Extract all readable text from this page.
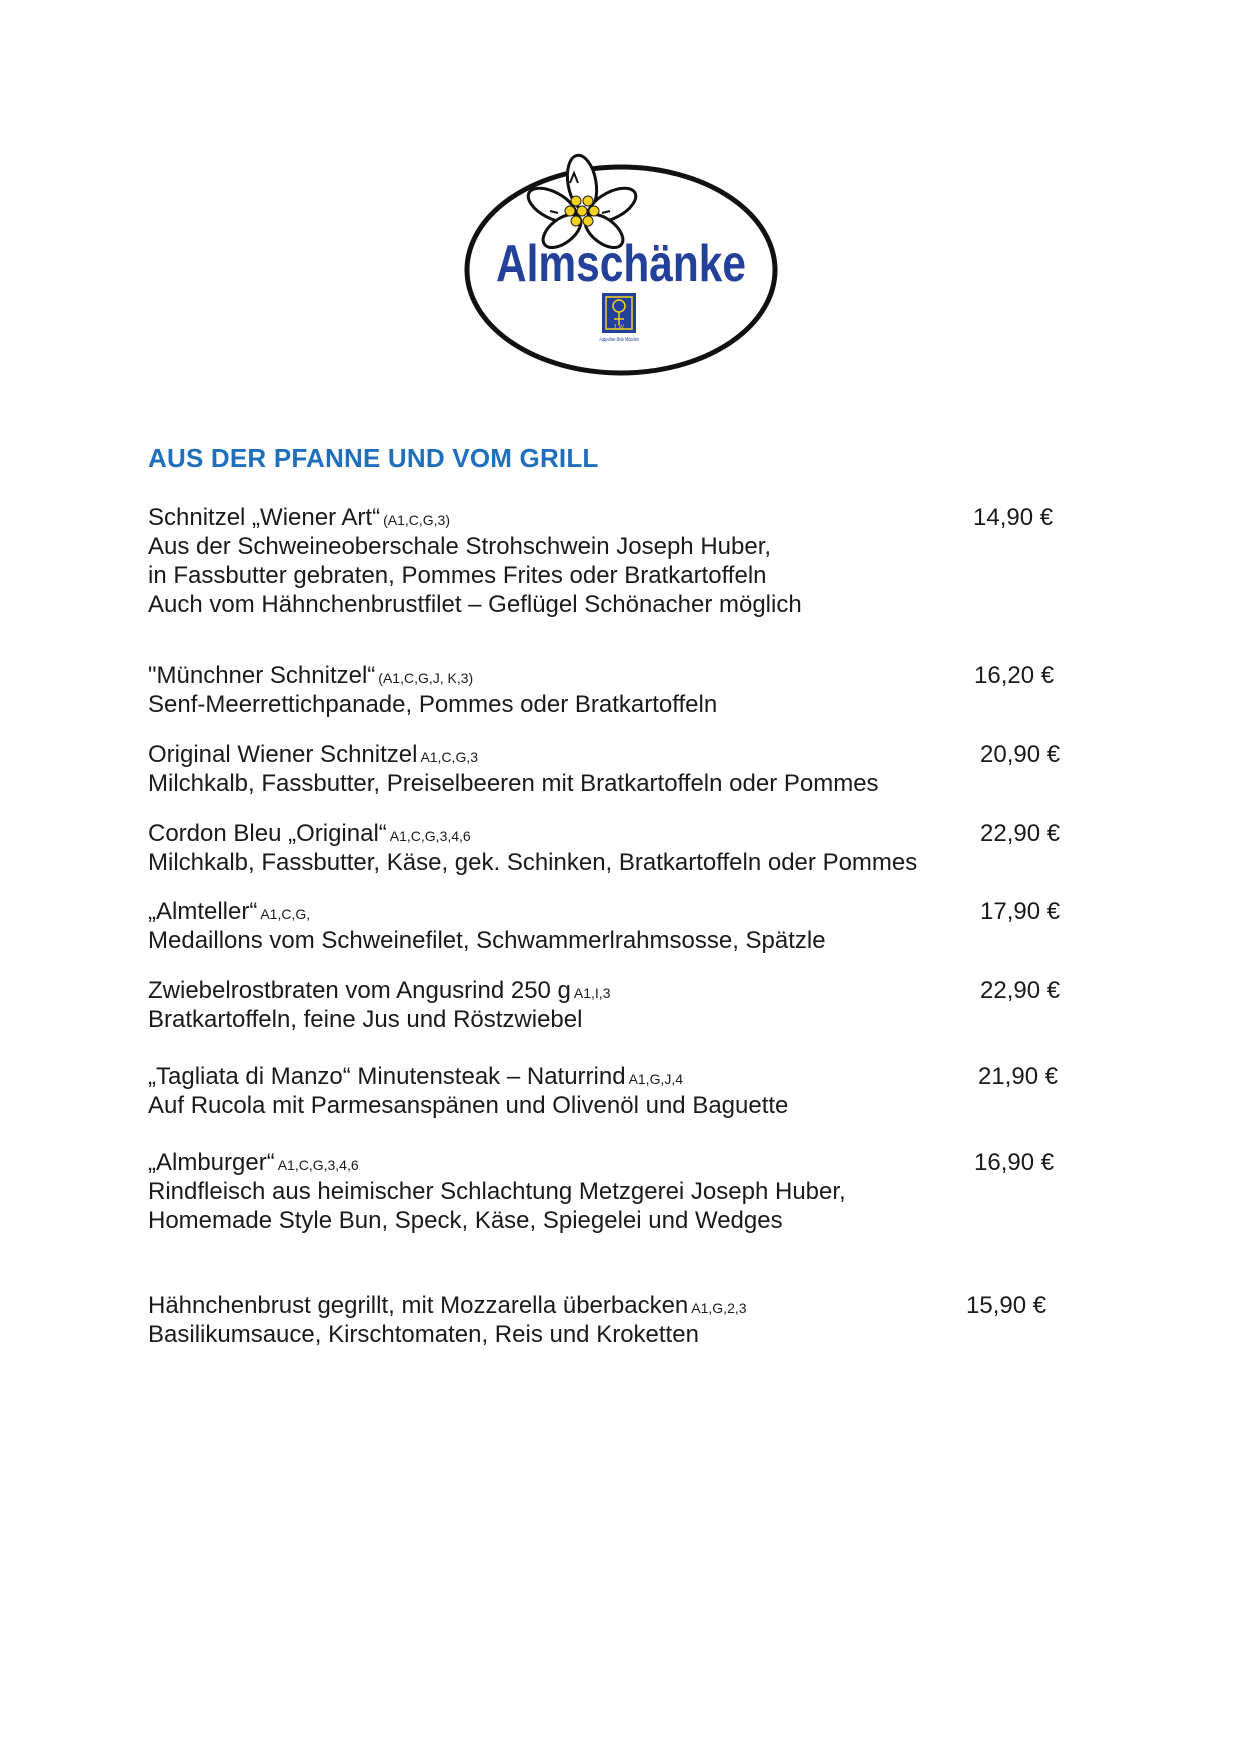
Almschänke
J W
Augustiner-Bräu München
AUS DER PFANNE UND VOM GRILL
Schnitzel „Wiener Art“ (A1,C,G,3)	14,90 €
Aus der Schweineoberschale Strohschwein Joseph Huber,
in Fassbutter gebraten, Pommes Frites oder Bratkartoffeln
Auch vom Hähnchenbrustfilet – Geflügel Schönacher möglich
"Münchner Schnitzel“ (A1,C,G,J, K,3)	16,20 €
Senf-Meerrettichpanade, Pommes oder Bratkartoffeln
Original Wiener Schnitzel A1,C,G,3	20,90 €
Milchkalb, Fassbutter, Preiselbeeren mit Bratkartoffeln oder Pommes
Cordon Bleu „Original“ A1,C,G,3,4,6	22,90 €
Milchkalb, Fassbutter, Käse, gek. Schinken, Bratkartoffeln oder Pommes
„Almteller“ A1,C,G,	17,90 €
Medaillons vom Schweinefilet, Schwammerlrahmsosse, Spätzle
Zwiebelrostbraten vom Angusrind 250 g A1,I,3	22,90 €
Bratkartoffeln, feine Jus und Röstzwiebel
„Tagliata di Manzo“ Minutensteak – Naturrind A1,G,J,4	21,90 €
Auf Rucola mit Parmesanspänen und Olivenöl und Baguette
„Almburger“ A1,C,G,3,4,6	16,90 €
Rindfleisch aus heimischer Schlachtung Metzgerei Joseph Huber,
Homemade Style Bun, Speck, Käse, Spiegelei und Wedges
Hähnchenbrust gegrillt, mit Mozzarella überbacken A1,G,2,3	15,90 €
Basilikumsauce, Kirschtomaten, Reis und Kroketten
